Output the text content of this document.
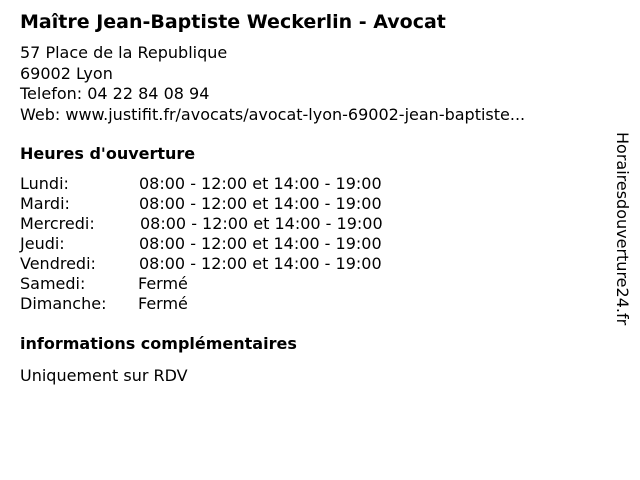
Maître Jean-Baptiste Weckerlin - Avocat
57 Place de la Republique
69002 Lyon
Telefon: 04 22 84 08 94
Web: www.justifit.fr/avocats/avocat-lyon-69002-jean-baptiste...
Heures d'ouverture
Lundi:	08:00 - 12:00 et 14:00 - 19:00
Mardi:	08:00 - 12:00 et 14:00 - 19:00
Mercredi:	08:00 - 12:00 et 14:00 - 19:00
Jeudi:	08:00 - 12:00 et 14:00 - 19:00
Vendredi:	08:00 - 12:00 et 14:00 - 19:00
Samedi:	Fermé
Dimanche: Fermé
informations complémentaires
Uniquement sur RDV
Horairesdouverture24.fr
